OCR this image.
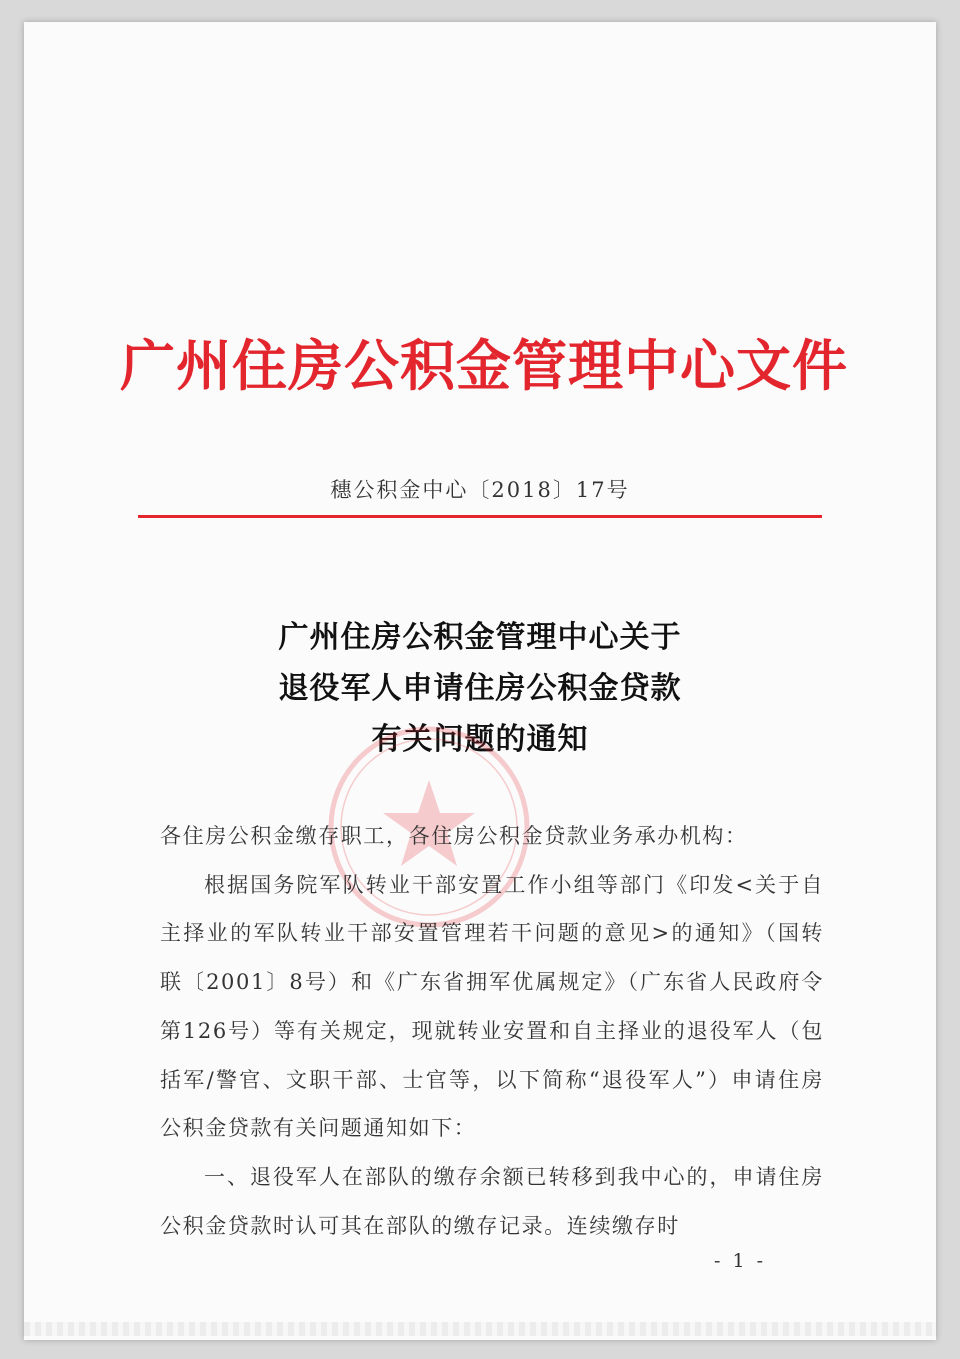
广州住房公积金管理中心文件
穗公积金中心〔2018〕17号
广州住房公积金管理中心关于
退役军人申请住房公积金贷款
有关问题的通知

各住房公积金缴存职工，各住房公积金贷款业务承办机构：

根据国务院军队转业干部安置工作小组等部门《印发<关于自主择业的军队转业干部安置管理若干问题的意见>的通知》（国转联〔2001〕8号）和《广东省拥军优属规定》（广东省人民政府令第126号）等有关规定，现就转业安置和自主择业的退役军人（包括军/警官、文职干部、士官等，以下简称“退役军人”）申请住房公积金贷款有关问题通知如下：

一、退役军人在部队的缴存余额已转移到我中心的，申请住房公积金贷款时认可其在部队的缴存记录。连续缴存时

- 1 -
